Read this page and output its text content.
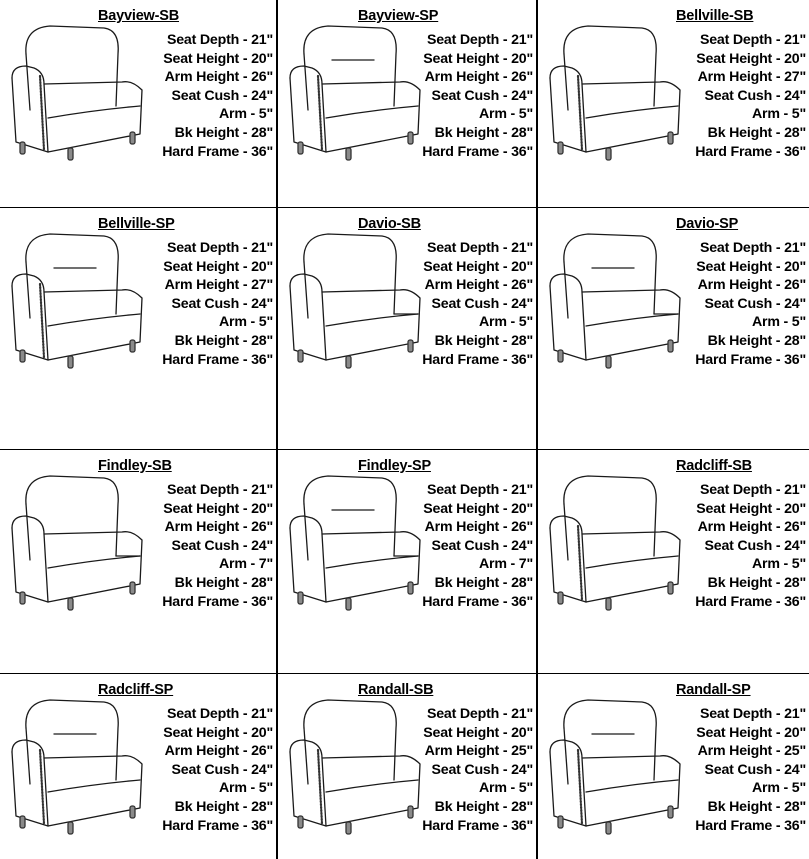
Bayview-SB
Seat Depth - 21"
Seat Height - 20"
Arm Height - 26"
Seat Cush - 24"
Arm - 5"
Bk Height - 28"
Hard Frame - 36"
Bayview-SP
Seat Depth - 21"
Seat Height - 20"
Arm Height - 26"
Seat Cush - 24"
Arm - 5"
Bk Height - 28"
Hard Frame - 36"
Bellville-SB
Seat Depth - 21"
Seat Height - 20"
Arm Height - 27"
Seat Cush - 24"
Arm - 5"
Bk Height - 28"
Hard Frame - 36"
Bellville-SP
Seat Depth - 21"
Seat Height - 20"
Arm Height - 27"
Seat Cush - 24"
Arm - 5"
Bk Height - 28"
Hard Frame - 36"
Davio-SB
Seat Depth - 21"
Seat Height - 20"
Arm Height - 26"
Seat Cush - 24"
Arm - 5"
Bk Height - 28"
Hard Frame - 36"
Davio-SP
Seat Depth - 21"
Seat Height - 20"
Arm Height - 26"
Seat Cush - 24"
Arm - 5"
Bk Height - 28"
Hard Frame - 36"
Findley-SB
Seat Depth - 21"
Seat Height - 20"
Arm Height - 26"
Seat Cush - 24"
Arm - 7"
Bk Height - 28"
Hard Frame - 36"
Findley-SP
Seat Depth - 21"
Seat Height - 20"
Arm Height - 26"
Seat Cush - 24"
Arm - 7"
Bk Height - 28"
Hard Frame - 36"
Radcliff-SB
Seat Depth - 21"
Seat Height - 20"
Arm Height - 26"
Seat Cush - 24"
Arm - 5"
Bk Height - 28"
Hard Frame - 36"
Radcliff-SP
Seat Depth - 21"
Seat Height - 20"
Arm Height - 26"
Seat Cush - 24"
Arm - 5"
Bk Height - 28"
Hard Frame - 36"
Randall-SB
Seat Depth - 21"
Seat Height - 20"
Arm Height - 25"
Seat Cush - 24"
Arm - 5"
Bk Height - 28"
Hard Frame - 36"
Randall-SP
Seat Depth - 21"
Seat Height - 20"
Arm Height - 25"
Seat Cush - 24"
Arm - 5"
Bk Height - 28"
Hard Frame - 36"
